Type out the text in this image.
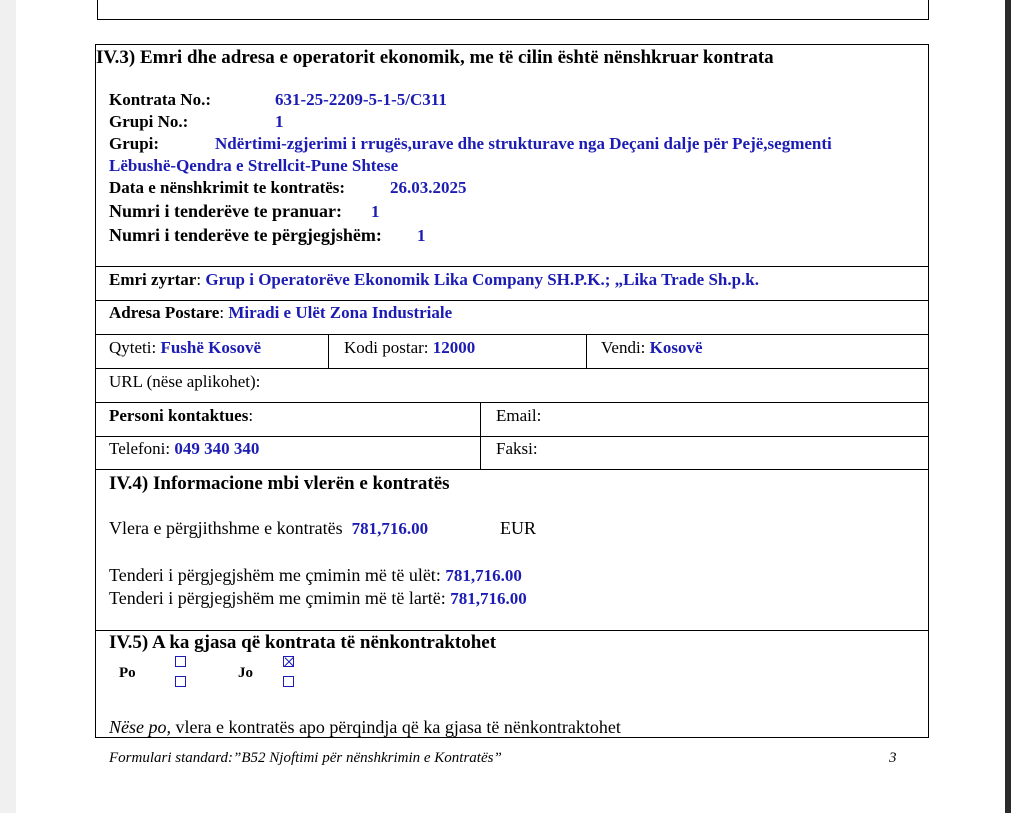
IV.3) Emri dhe adresa e operatorit ekonomik, me të cilin është nënshkruar kontrata
Kontrata No.:	631-25-2209-5-1-5/C311
Grupi No.:	1
Grupi:	Ndërtimi-zgjerimi i rrugës,urave dhe strukturave nga Deçani dalje për Pejë,segmenti
Lëbushë-Qendra e Strellcit-Pune Shtese
Data e nënshkrimit te kontratës:	26.03.2025
Numri i tenderëve te pranuar: 1
Numri i tenderëve te përgjegjshëm: 1
Emri zyrtar: Grup i Operatorëve Ekonomik Lika Company SH.P.K.; „Lika Trade Sh.p.k.
Adresa Postare: Miradi e Ulët Zona Industriale
Qyteti: Fushë Kosovë	Kodi postar: 12000	Vendi: Kosovë
URL (nëse aplikohet):
Personi kontaktues:	Email:
Telefoni: 049 340 340	Faksi:
IV.4) Informacione mbi vlerën e kontratës
Vlera e përgjithshme e kontratës 781,716.00	EUR
Tenderi i përgjegjshëm me çmimin më të ulët: 781,716.00
Tenderi i përgjegjshëm me çmimin më të lartë: 781,716.00
IV.5) A ka gjasa që kontrata të nënkontraktohet
Po	Jo
Nëse po, vlera e kontratës apo përqindja që ka gjasa të nënkontraktohet
Formulari standard:”B52 Njoftimi për nënshkrimin e Kontratës”	3
